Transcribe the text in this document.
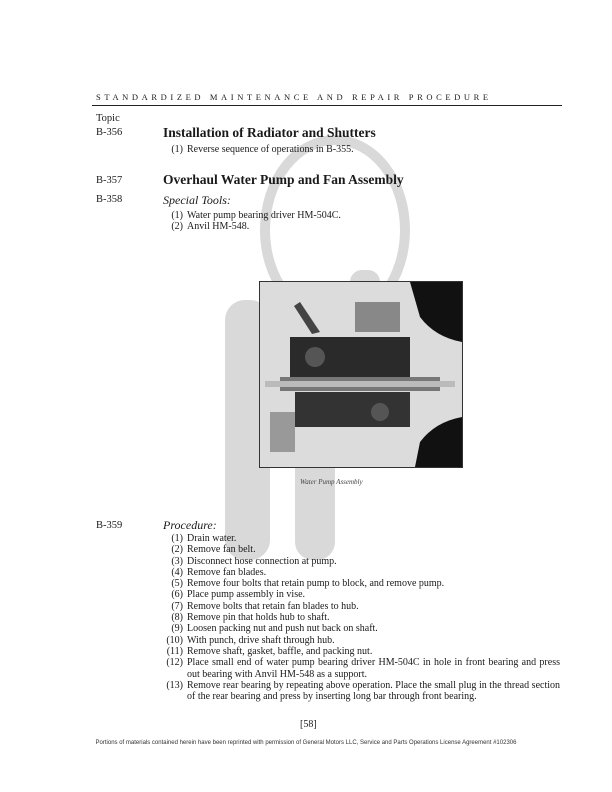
STANDARDIZED MAINTENANCE AND REPAIR PROCEDURE
Topic
B-356	Installation of Radiator and Shutters
(1) Reverse sequence of operations in B-355.
B-357	Overhaul Water Pump and Fan Assembly
B-358	Special Tools:
(1) Water pump bearing driver HM-504C.
(2) Anvil HM-548.
Water Pump Assembly
B-359	Procedure:
(1) Drain water.
(2) Remove fan belt.
(3) Disconnect hose connection at pump.
(4) Remove fan blades.
(5) Remove four bolts that retain pump to block, and remove pump.
(6) Place pump assembly in vise.
(7) Remove bolts that retain fan blades to hub.
(8) Remove pin that holds hub to shaft.
(9) Loosen packing nut and push nut back on shaft.
(10) With punch, drive shaft through hub.
(11) Remove shaft, gasket, baffle, and packing nut.
(12) Place small end of water pump bearing driver HM-504C in hole in front bearing and press out bearing with Anvil HM-548 as a support.
(13) Remove rear bearing by repeating above operation. Place the small plug in the thread section of the rear bearing and press by inserting long bar through front bearing.
[58]
Portions of materials contained herein have been reprinted with permission of General Motors LLC, Service and Parts Operations License Agreement #102306
